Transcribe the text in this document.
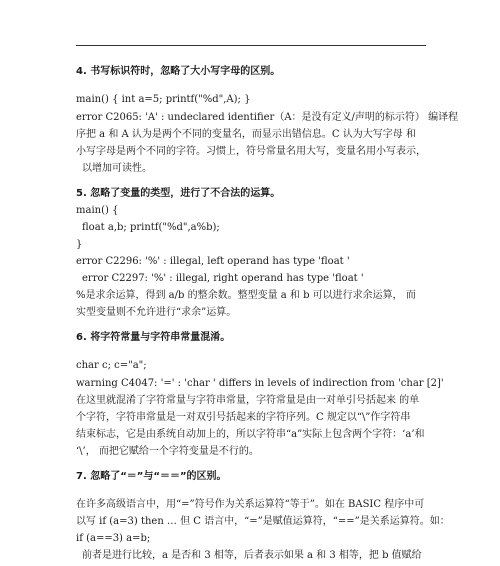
4. 书写标识符时，忽略了大小写字母的区别。
main() { int a=5; printf("%d",A); }
error C2065: 'A' : undeclared identifier（A：是没有定义/声明的标示符） 编译程
序把 a 和 A 认为是两个不同的变量名，而显示出错信息。C 认为大写字母 和
小写字母是两个不同的字符。习惯上，符号常量名用大写，变量名用小写表示，
以增加可读性。
5. 忽略了变量的类型，进行了不合法的运算。
main() {
float a,b; printf("%d",a%b);
}
error C2296: '%' : illegal, left operand has type 'float '
error C2297: '%' : illegal, right operand has type 'float '
%是求余运算，得到 a/b 的整余数。整型变量 a 和 b 可以进行求余运算， 而
实型变量则不允许进行“求余”运算。
6. 将字符常量与字符串常量混淆。
char c; c="a";
warning C4047: '=' : 'char ' differs in levels of indirection from 'char [2]'
在这里就混淆了字符常量与字符串常量，字符常量是由一对单引号括起来 的单
个字符，字符串常量是一对双引号括起来的字符序列。C 规定以“\”作字符串
结束标志，它是由系统自动加上的，所以字符串“a”实际上包含两个字符：‘a’和
‘\’， 而把它赋给一个字符变量是不行的。
7. 忽略了“＝”与“＝＝”的区别。
在许多高级语言中，用“=”符号作为关系运算符“等于”。如在 BASIC 程序中可
以写 if (a=3) then … 但 C 语言中，“=”是赋值运算符，“==”是关系运算符。如：
if (a==3) a=b;
前者是进行比较，a 是否和 3 相等，后者表示如果 a 和 3 相等，把 b 值赋给
